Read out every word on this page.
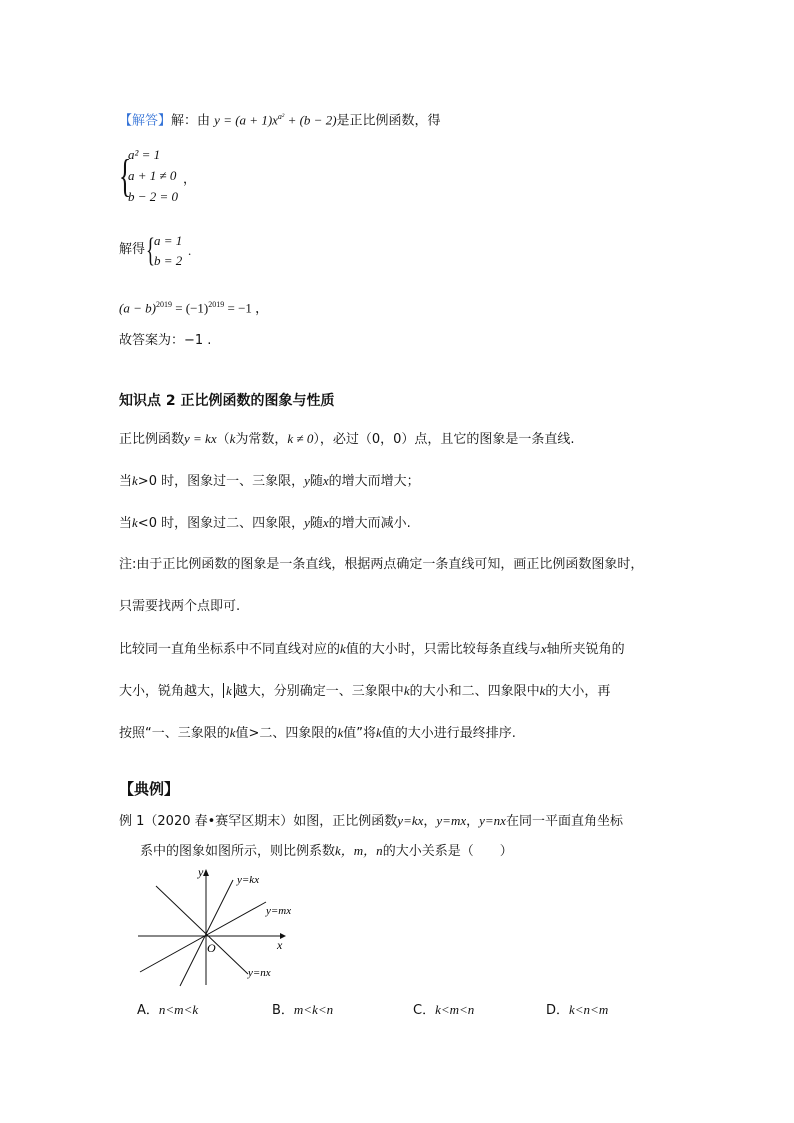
【解答】解：由 $y = (a + 1)x^{a^2} + (b - 2)$是正比例函数，得
{
a² = 1
a + 1 ≠ 0 ，
b − 2 = 0
解得 { a = 1
b = 2
.
$(a - b)^{2019} = (-1)^{2019} = -1$ ，
故答案为：−1 .
知识点 2 正比例函数的图象与性质
正比例函数y = kx（k为常数，k ≠ 0），必过（0，0）点，且它的图象是一条直线.
当k>0 时，图象过一、三象限，y随x的增大而增大；
当k<0 时，图象过二、四象限，y随x的增大而减小.
注:由于正比例函数的图象是一条直线，根据两点确定一条直线可知，画正比例函数图象时，
只需要找两个点即可.
比较同一直角坐标系中不同直线对应的k值的大小时，只需比较每条直线与x轴所夹锐角的
大小，锐角越大， k 越大，分别确定一、三象限中k的大小和二、四象限中k的大小，再
按照“一、三象限的k值>二、四象限的k值”将k值的大小进行最终排序.
【典例】
例 1（2020 春•赛罕区期末）如图，正比例函数y=kx，y=mx，y=nx在同一平面直角坐标
系中的图象如图所示，则比例系数k，m，n的大小关系是（　　）
y
x
O
y=kx
y=mx
y=nx
A．n<m<k	B．m<k<n	C．k<m<n	D．k<n<m
